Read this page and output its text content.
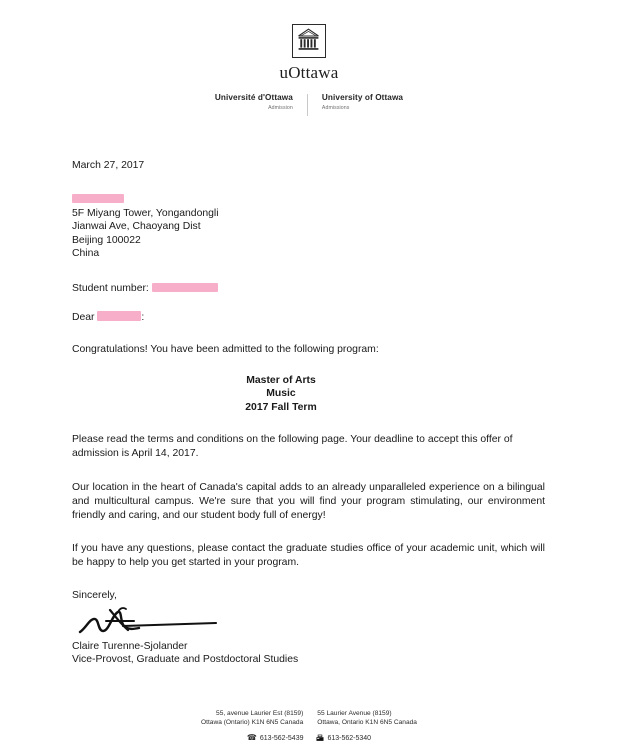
uOttawa
Université d'Ottawa
Admission
University of Ottawa
Admissions
March 27, 2017
5F Miyang Tower, Yongandongli
Jianwai Ave, Chaoyang Dist
Beijing 100022
China
Student number:
Dear	:
Congratulations! You have been admitted to the following program:
Master of Arts
Music
2017 Fall Term
Please read the terms and conditions on the following page. Your deadline to accept this offer of admission is April 14, 2017.
Our location in the heart of Canada's capital adds to an already unparalleled experience on a bilingual and multicultural campus. We're sure that you will find your program stimulating, our environment friendly and caring, and our student body full of energy!
If you have any questions, please contact the graduate studies office of your academic unit, which will be happy to help you get started in your program.
Sincerely,
Claire Turenne-Sjolander
Vice-Provost, Graduate and Postdoctoral Studies
55, avenue Laurier Est (8159)
Ottawa (Ontario) K1N 6N5 Canada
55 Laurier Avenue (8159)
Ottawa, Ontario K1N 6N5 Canada
☎ 613-562-5439	613-562-5340
